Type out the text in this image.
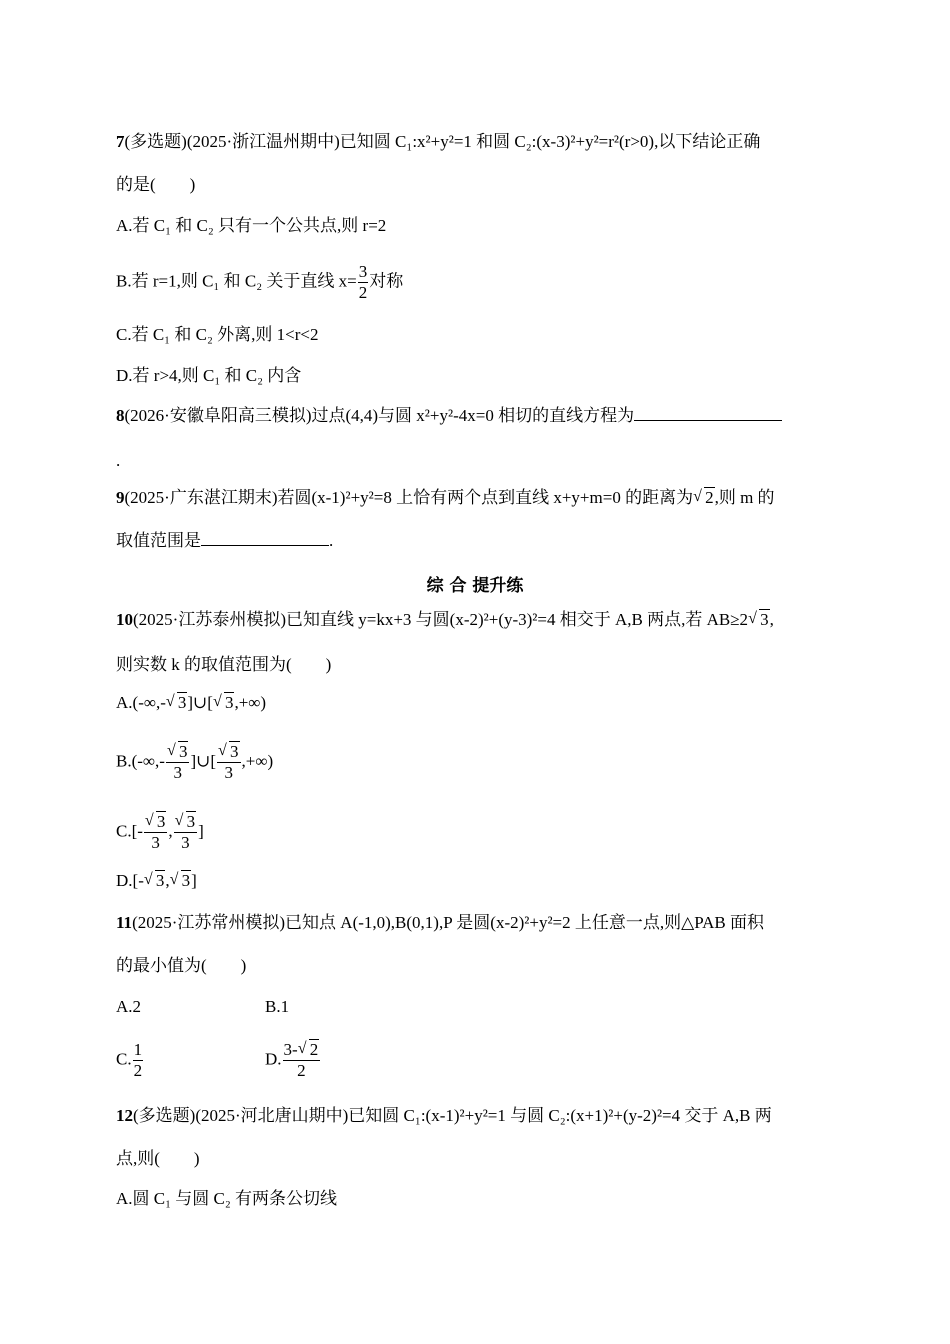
7(多选题)(2025·浙江温州期中)已知圆 C₁:x²+y²=1 和圆 C₂:(x-3)²+y²=r²(r>0),以下结论正确
的是(　　)
A.若 C₁ 和 C₂ 只有一个公共点,则 r=2
B.若 r=1,则 C₁ 和 C₂ 关于直线 $x= \frac{3}{2}$ 对称
C.若 C₁ 和 C₂ 外离,则 1<r<2
D.若 r>4,则 C₁ 和 C₂ 内含
8(2026·安徽阜阳高三模拟)过点(4,4)与圆 x²+y²-4x=0 相切的直线方程为
.
9(2025·广东湛江期末)若圆(x-1)²+y²=8 上恰有两个点到直线 x+y+m=0 的距离为 √ 2,则 m 的
取值范围是	.
综 合 提升练
10(2025·江苏泰州模拟)已知直线 y=kx+3 与圆(x-2)²+(y-3)²=4 相交于 A,B 两点,若 AB≥2 √ 3,
则实数 k 的取值范围为(　　)
A.(-∞,- √ 3]∪[ √ 3,+∞)
B.(-∞,- √ $\frac{3}{3}$ ]∪[ √ $\frac{3}{3}$ ,+∞)
C.[- √ $\frac{3}{3}$ , √ $\frac{3}{3}$ ]
D.[- √ 3, √ 3]
11(2025·江苏常州模拟)已知点 A(-1,0),B(0,1),P 是圆(x-2)²+y²=2 上任意一点,则△PAB 面积
的最小值为(　　)
A.2	B.1
C. $\frac{1}{2}$	D. $\frac{3- √ 2}{2}$
12(多选题)(2025·河北唐山期中)已知圆 C₁:(x-1)²+y²=1 与圆 C₂:(x+1)²+(y-2)²=4 交于 A,B 两
点,则(　　)
A.圆 C₁ 与圆 C₂ 有两条公切线
